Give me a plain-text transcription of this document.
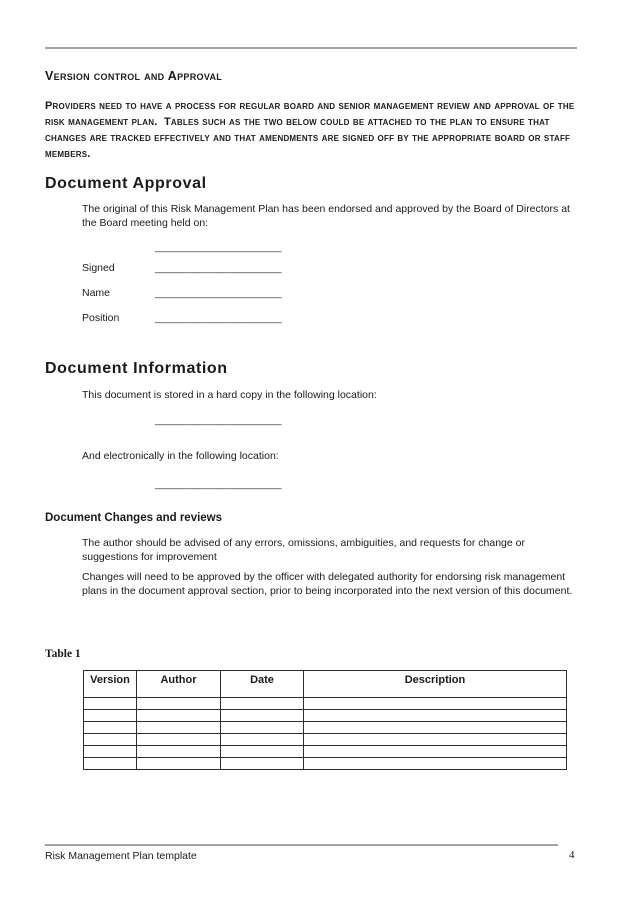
Version control and Approval

Providers need to have a process for regular board and senior management review and approval of the risk management plan.  Tables such as the two below could be attached to the plan to ensure that changes are tracked effectively and that amendments are signed off by the appropriate board or staff members.

Document Approval

The original of this Risk Management Plan has been endorsed and approved by the Board of Directors at the Board meeting held on:

_____________________
Signed	_____________________
Name	_____________________
Position	_____________________
Document Information

This document is stored in a hard copy in the following location:

_____________________

And electronically in the following location:

_____________________
Document Changes and reviews

The author should be advised of any errors, omissions, ambiguities, and requests for change or suggestions for improvement

Changes will need to be approved by the officer with delegated authority for endorsing risk management plans in the document approval section, prior to being incorporated into the next version of this document.

Table 1

Version	Author	Date	Description

Risk Management Plan template	4
